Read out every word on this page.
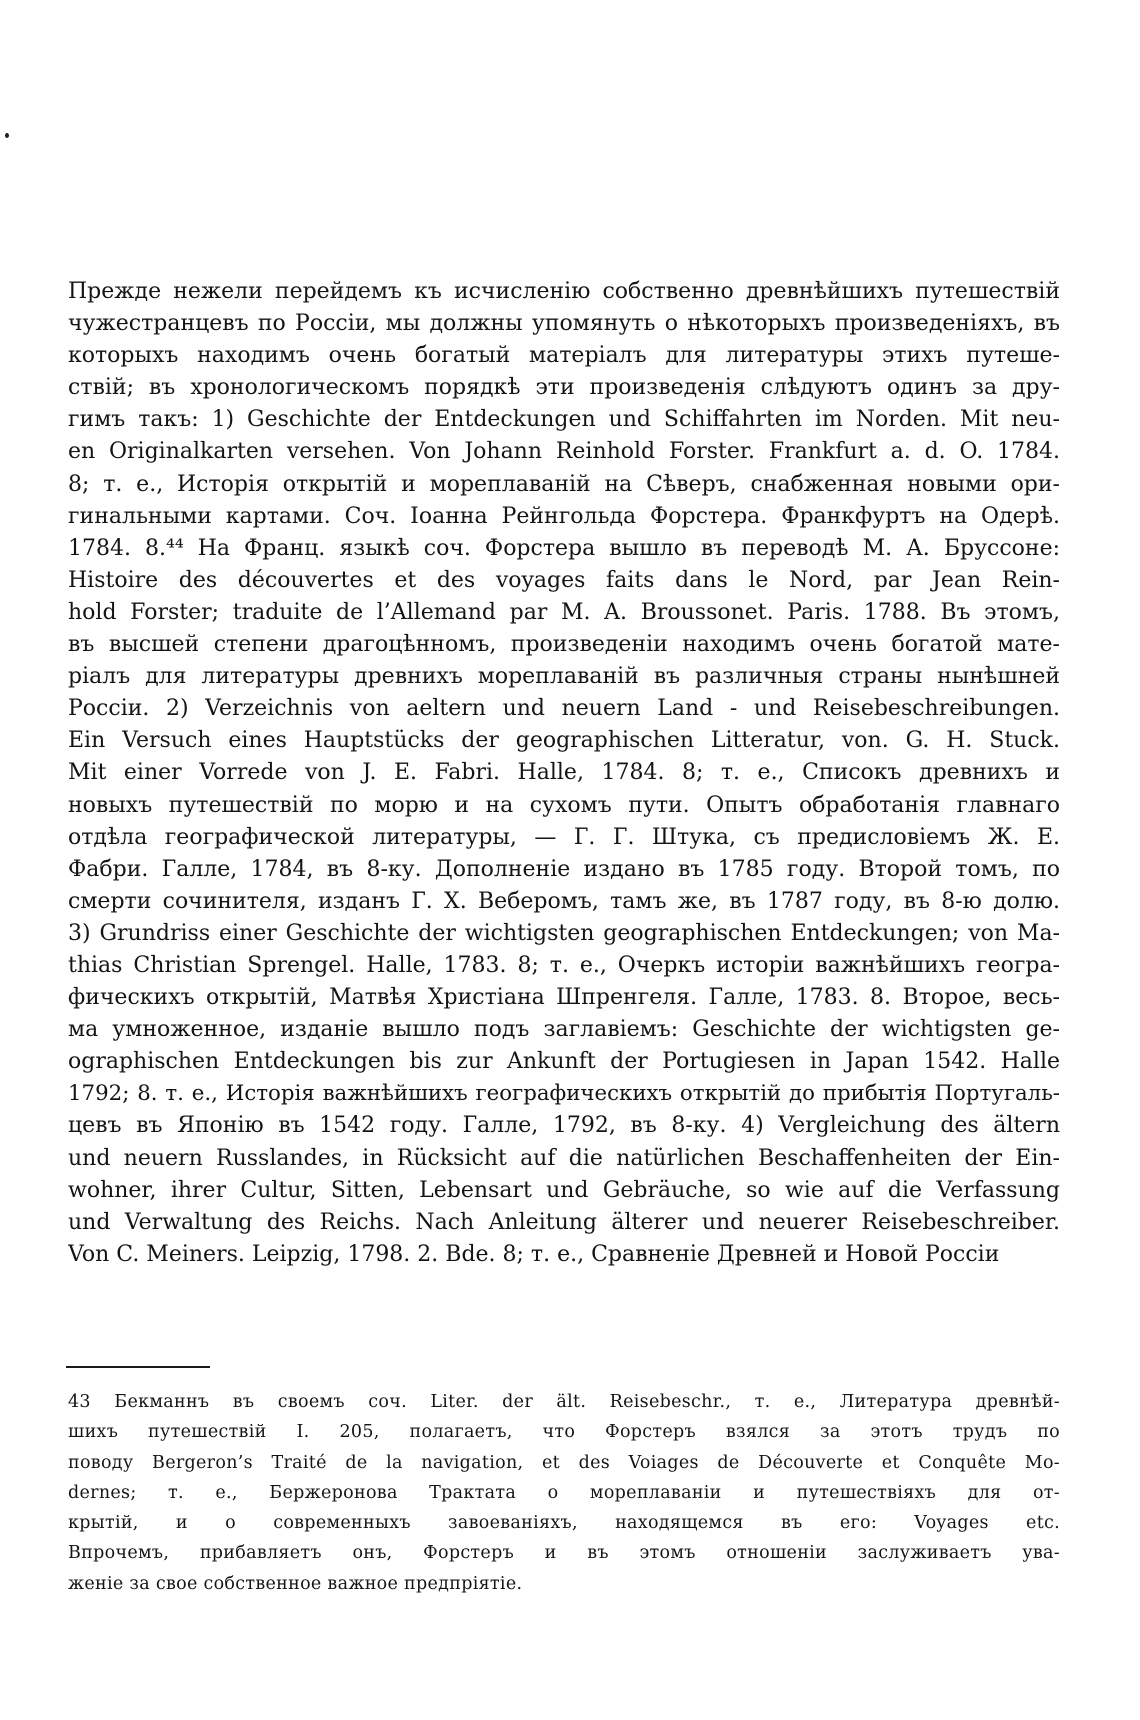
Прежде нежели перейдемъ къ исчисленію собственно древнѣйшихъ путешествій
чужестранцевъ по Россіи, мы должны упомянуть о нѣкоторыхъ произведеніяхъ, въ
которыхъ находимъ очень богатый матеріалъ для литературы этихъ путеше-
ствій; въ хронологическомъ порядкѣ эти произведенія слѣдуютъ одинъ за дру-
гимъ такъ: 1) Geschichte der Entdeckungen und Schiffahrten im Norden. Mit neu-
en Originalkarten versehen. Von Johann Reinhold Forster. Frankfurt a. d. O. 1784.
8; т. е., Исторія открытій и мореплаваній на Сѣверъ, снабженная новыми ори-
гинальными картами. Соч. Іоанна Рейнгольда Форстера. Франкфуртъ на Одерѣ.
1784. 8.⁴⁴ На Франц. языкѣ соч. Форстера вышло въ переводѣ М. А. Бруссоне:
Histoire des découvertes et des voyages faits dans le Nord, par Jean Rein-
hold Forster; traduite de l’Allemand par M. A. Broussonet. Paris. 1788. Въ этомъ,
въ высшей степени драгоцѣнномъ, произведеніи находимъ очень богатой мате-
ріалъ для литературы древнихъ мореплаваній въ различныя страны нынѣшней
Россіи. 2) Verzeichnis von aeltern und neuern Land - und Reisebeschreibungen.
Ein Versuch eines Hauptstücks der geographischen Litteratur, von. G. H. Stuck.
Mit einer Vorrede von J. E. Fabri. Halle, 1784. 8; т. е., Списокъ древнихъ и
новыхъ путешествій по морю и на сухомъ пути. Опытъ обработанія главнаго
отдѣла географической литературы, — Г. Г. Штука, съ предисловіемъ Ж. Е.
Фабри. Галле, 1784, въ 8-ку. Дополненіе издано въ 1785 году. Второй томъ, по
смерти сочинителя, изданъ Г. Х. Веберомъ, тамъ же, въ 1787 году, въ 8-ю долю.
3) Grundriss einer Geschichte der wichtigsten geographischen Entdeckungen; von Ma-
thias Christian Sprengel. Halle, 1783. 8; т. е., Очеркъ исторіи важнѣйшихъ геогра-
фическихъ открытій, Матвѣя Христіана Шпренгеля. Галле, 1783. 8. Второе, весь-
ма умноженное, изданіе вышло подъ заглавіемъ: Geschichte der wichtigsten ge-
ographischen Entdeckungen bis zur Ankunft der Portugiesen in Japan 1542. Halle
1792; 8. т. е., Исторія важнѣйшихъ географическихъ открытій до прибытія Португаль-
цевъ въ Японію въ 1542 году. Галле, 1792, въ 8-ку. 4) Vergleichung des ältern
und neuern Russlandes, in Rücksicht auf die natürlichen Beschaffenheiten der Ein-
wohner, ihrer Cultur, Sitten, Lebensart und Gebräuche, so wie auf die Verfassung
und Verwaltung des Reichs. Nach Anleitung älterer und neuerer Reisebeschreiber.
Von C. Meiners. Leipzig, 1798. 2. Bde. 8; т. е., Сравненіе Древней и Новой Россіи
43 Бекманнъ въ своемъ соч. Liter. der ält. Reisebeschr., т. е., Литература древнѣй-
шихъ путешествій I. 205, полагаетъ, что Форстеръ взялся за этотъ трудъ по
поводу Bergeron’s Traité de la navigation, et des Voiages de Découverte et Conquête Mo-
dernes; т. е., Бержеронова Трактата о мореплаваніи и путешествіяхъ для от-
крытій, и о современныхъ завоеваніяхъ, находящемся въ его: Voyages etc.
Впрочемъ, прибавляетъ онъ, Форстеръ и въ этомъ отношеніи заслуживаетъ ува-
женіе за свое собственное важное предпріятіе.
